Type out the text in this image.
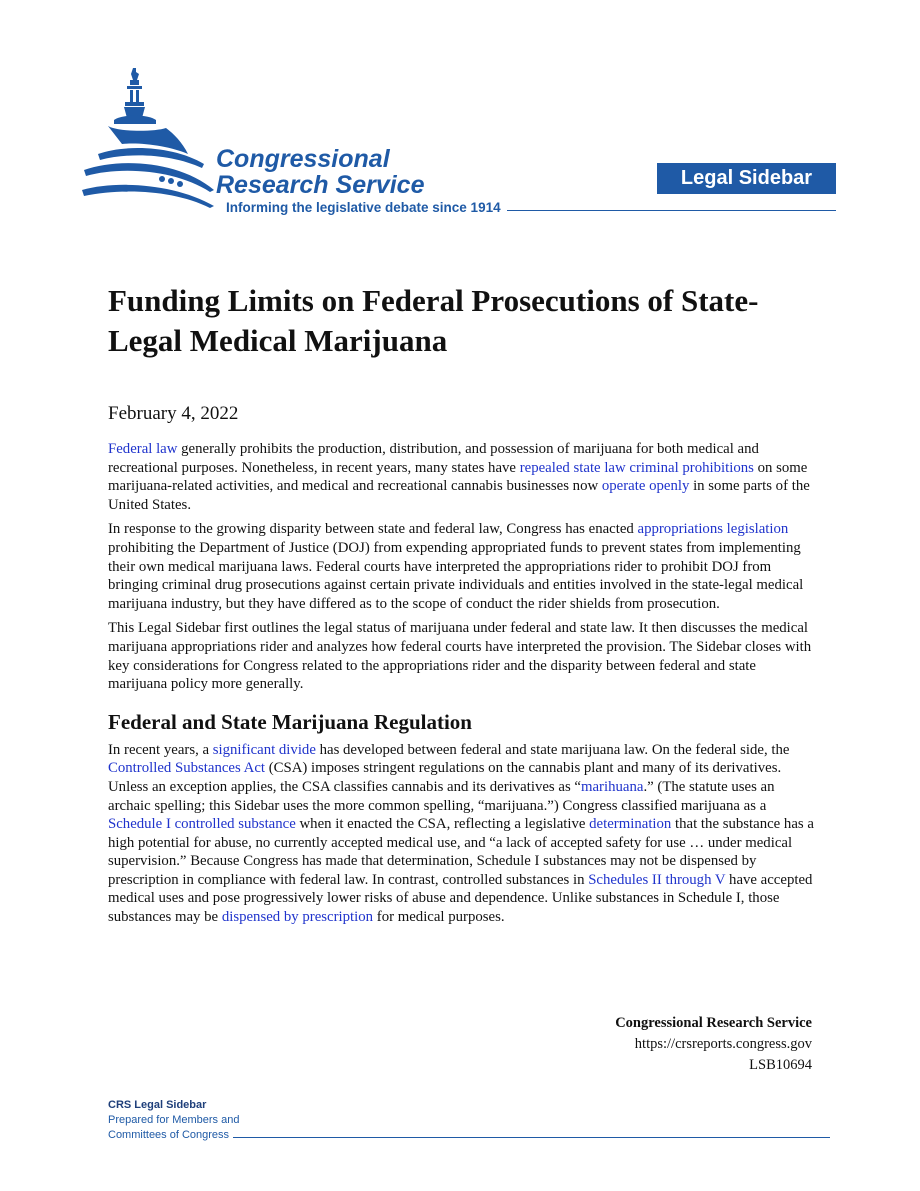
Congressional
Research Service
Informing the legislative debate since 1914
Legal Sidebar
Funding Limits on Federal Prosecutions of State-Legal Medical Marijuana
February 4, 2022

Federal law generally prohibits the production, distribution, and possession of marijuana for both medical and recreational purposes. Nonetheless, in recent years, many states have repealed state law criminal prohibitions on some marijuana-related activities, and medical and recreational cannabis businesses now operate openly in some parts of the United States.

In response to the growing disparity between state and federal law, Congress has enacted appropriations legislation prohibiting the Department of Justice (DOJ) from expending appropriated funds to prevent states from implementing their own medical marijuana laws. Federal courts have interpreted the appropriations rider to prohibit DOJ from bringing criminal drug prosecutions against certain private individuals and entities involved in the state-legal medical marijuana industry, but they have differed as to the scope of conduct the rider shields from prosecution.

This Legal Sidebar first outlines the legal status of marijuana under federal and state law. It then discusses the medical marijuana appropriations rider and analyzes how federal courts have interpreted the provision. The Sidebar closes with key considerations for Congress related to the appropriations rider and the disparity between federal and state marijuana policy more generally.

Federal and State Marijuana Regulation

In recent years, a significant divide has developed between federal and state marijuana law. On the federal side, the Controlled Substances Act (CSA) imposes stringent regulations on the cannabis plant and many of its derivatives. Unless an exception applies, the CSA classifies cannabis and its derivatives as “marihuana.” (The statute uses an archaic spelling; this Sidebar uses the more common spelling, “marijuana.”) Congress classified marijuana as a Schedule I controlled substance when it enacted the CSA, reflecting a legislative determination that the substance has a high potential for abuse, no currently accepted medical use, and “a lack of accepted safety for use … under medical supervision.” Because Congress has made that determination, Schedule I substances may not be dispensed by prescription in compliance with federal law. In contrast, controlled substances in Schedules II through V have accepted medical uses and pose progressively lower risks of abuse and dependence. Unlike substances in Schedule I, those substances may be dispensed by prescription for medical purposes.

Congressional Research Service
https://crsreports.congress.gov
LSB10694
CRS Legal Sidebar
Prepared for Members and
Committees of Congress
